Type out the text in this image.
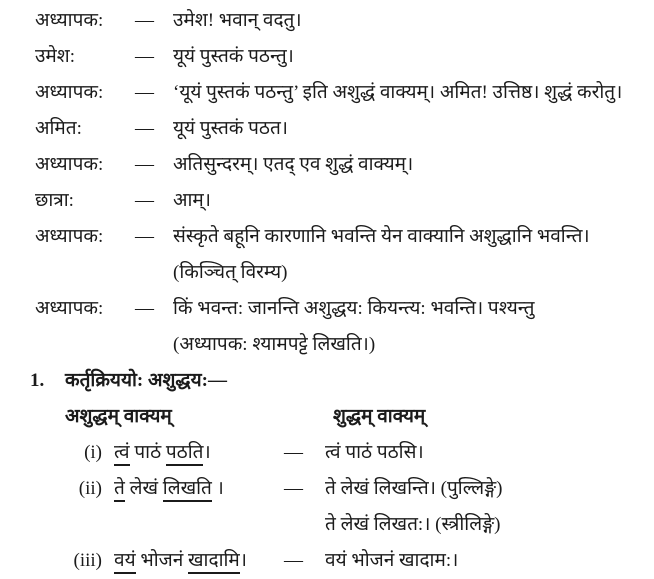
अध्यापक:	—	उमेश! भवान् वदतु।
उमेश:	—	यूयं पुस्तकं पठन्तु।
अध्यापक:	—	‘यूयं पुस्तकं पठन्तु’ इति अशुद्धं वाक्यम्। अमित! उत्तिष्ठ। शुद्धं करोतु।
अमित:	—	यूयं पुस्तकं पठत।
अध्यापक:	—	अतिसुन्दरम्। एतद् एव शुद्धं वाक्यम्।
छात्रा:	—	आम्।
अध्यापक:	—	संस्कृते बहूनि कारणानि भवन्ति येन वाक्यानि अशुद्धानि भवन्ति।
(किञ्चित् विरम्य)
अध्यापक:	—	किं भवन्त: जानन्ति अशुद्धय: कियन्त्य: भवन्ति। पश्यन्तु
(अध्यापक: श्यामपट्टे लिखति।)
1.	कर्तृक्रिययो: अशुद्धय:—
अशुद्धम् वाक्यम्	शुद्धम् वाक्यम्
(i) त्वं पाठं पठति।	—	त्वं पाठं पठसि।
(ii) ते लेखं लिखति ।	—	ते लेखं लिखन्ति। (पुल्लिङ्गे)
ते लेखं लिखत:। (स्त्रीलिङ्गे)
(iii) वयं भोजनं खादामि।	—	वयं भोजनं खादाम:।
